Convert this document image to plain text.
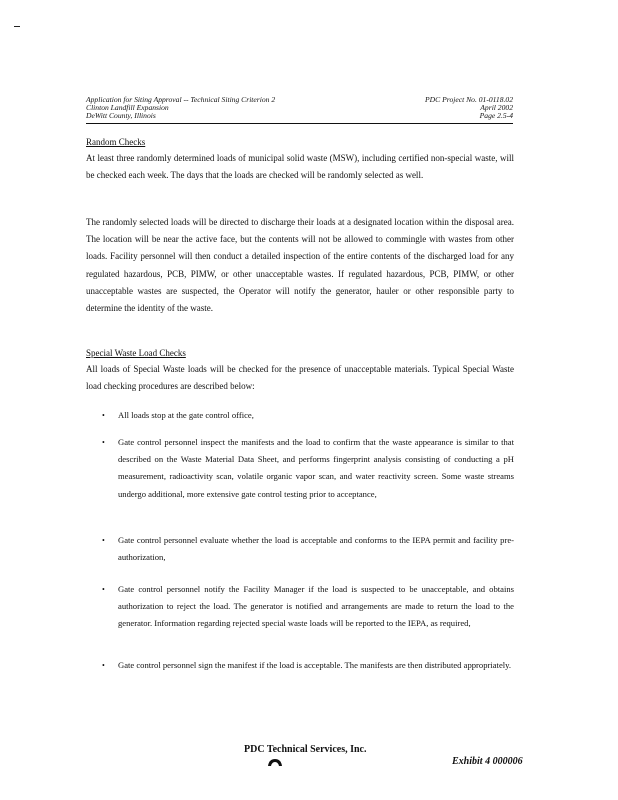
Application for Siting Approval -- Technical Siting Criterion 2
Clinton Landfill Expansion
DeWitt County, Illinois
PDC Project No. 01-0118.02
April 2002
Page 2.5-4
Random Checks

At least three randomly determined loads of municipal solid waste (MSW), including certified non-special waste, will be checked each week. The days that the loads are checked will be randomly selected as well.

The randomly selected loads will be directed to discharge their loads at a designated location within the disposal area. The location will be near the active face, but the contents will not be allowed to commingle with wastes from other loads. Facility personnel will then conduct a detailed inspection of the entire contents of the discharged load for any regulated hazardous, PCB, PIMW, or other unacceptable wastes. If regulated hazardous, PCB, PIMW, or other unacceptable wastes are suspected, the Operator will notify the generator, hauler or other responsible party to determine the identity of the waste.

Special Waste Load Checks

All loads of Special Waste loads will be checked for the presence of unacceptable materials. Typical Special Waste load checking procedures are described below:

• All loads stop at the gate control office,
• Gate control personnel inspect the manifests and the load to confirm that the waste appearance is similar to that described on the Waste Material Data Sheet, and performs fingerprint analysis consisting of conducting a pH measurement, radioactivity scan, volatile organic vapor scan, and water reactivity screen. Some waste streams undergo additional, more extensive gate control testing prior to acceptance,
• Gate control personnel evaluate whether the load is acceptable and conforms to the IEPA permit and facility pre-authorization,
• Gate control personnel notify the Facility Manager if the load is suspected to be unacceptable, and obtains authorization to reject the load. The generator is notified and arrangements are made to return the load to the generator. Information regarding rejected special waste loads will be reported to the IEPA, as required,
• Gate control personnel sign the manifest if the load is acceptable. The manifests are then distributed appropriately.
PDC Technical Services, Inc.
Exhibit 4 000006
